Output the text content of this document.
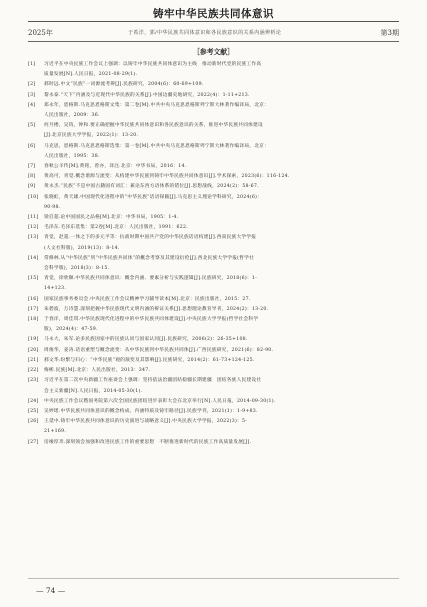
铸牢中华民族共同体意识
2025年	于希洋，郭/中华民族共同体意识和各民族意识的关系内涵辨析论	第3期
［参考文献］
[1] 习近平在中央民族工作会议上强调：以铸牢中华民族共同体意识为主线　推动新时代党的民族工作高
质量发展[N].人民日报，2021-08-29(1).
[2] 郝时远.中文“民族”一词源流考辨[J].民族研究，2004(6)：60-69+109.
[3] 黎永泰.“天下”内涵及与近现代中华民族的关系[J].中国边疆史地研究，2022(4)：1-11+213.
[4] 郑永年，恩格斯.马克思恩格斯文集：第二卷[M].中共中央马克思恩格斯列宁斯大林著作编译局，北京：
人民出版社，2009：36.
[5] 何月楼，吴钩，钟和.要正确把握中华民族共同体意识和各民族意识的关系，推进中华民族共同体建设
[J].北京民族大学学报，2022(1)：13-20.
[6] 马克思，恩格斯.马克思恩格斯选集：第一卷[M].中共中央马克思恩格斯列宁斯大林著作编译局，北京：
人民出版社，1995：38.
[7] 春秋公羊传[M].黄铭，曾亦，译注.北京：中华书局，2016：14.
[8] 黄高可，青觉.概念谱源与流变：从构建中华民族到铸牢中华民族共同体意识[J].学术探索，2023(6)：116-124.
[9] 黄永杰.“民族”不是中国古籍固有词汇：兼论东西方语体系的错位[J].思想战线，2024(2)：58-67.
[10] 张晓虹，黄天雄.中国现代化进程中的“中华民族”话语探赜[J].马克思主义理论学科研究，2024(6)：
90-98.
[11] 梁启超.论中国国民之品格[M].北京：中华书局，1905：1-4.
[12] 毛泽东.毛泽东选集：第2卷[M].北京：人民出版社，1991：622.
[13] 青觉，赵超.一体之下的多元平等：抗战时期中国共产党的中华民族话语构建[J].西南民族大学学报
(人文社科版)，2019(13)：8-14.
[14] 常修林.从“中华民族”到“中华民族共同体”的概念考察及其建设衍伦[J].西北民族大学学报(哲学社
会科学版)，2018(3)：8-15.
[15] 青觉，徐欣顺.中华民族共同体意识：概念内涵、要素分析与实践逻辑[J].民族研究，2018(6)：1-
14+123.
[16] 国家民族事务委员会.中央民族工作会议精神学习辅导读本[M].北京：民族出版社，2015：27.
[17] 朱碧波，万诗慧.深刻把握中华民族现代文明内涵的辩证关系[J].思想理论教育导刊，2024(2)：13-20.
[18] 于春洋，周佳琪.中华民族现代化进程中的中华民族共同体建设[J].中央民族大学学报(哲学社会科学
版)，2024(4)：47-59.
[19] 马永大，朱军.论多民族国家中的民族认同与国家认同[J].民族研究，2006(2)：26-35+108.
[20] 周俊华，姜涛.话语重塑与概念流变：从中华民族到中华民族共同体[J].广西民族研究，2021(6)：82-90.
[21] 郝文华.纷繁与归心：“中华民族”观的演变及其影响[J].民族研究，2014(2)：61-73+124-125.
[22] 梅彬.民族[M].北京：人民出版社，2013：347.
[23] 习近平在第二次中央新疆工作座谈会上强调：坚持依法治疆团结稳疆长期建疆　团结各族人民建设社
会主义新疆[N].人民日报，2014-05-30(1).
[24] 中央民族工作会议暨国务院第六次全国民族团结进步表彰大会在北京举行[N].人民日报，2014-09-30(1).
[25] 吴婷珺.中华民族共同体意识的概念构成、内涵特质及铸牢路径[J].民族学刊，2021(1)：1-9+83.
[26] 王延中.铸牢中华民族共同体意识的历史演进与战略意义[J].中央民族大学学报，2022(3)：5-
21+169.
[27] 房缘厚奔.深刻领会加强和改进民族工作的重要思想　不断推进新时代的民族工作高质量发展[J].
— 74 —
